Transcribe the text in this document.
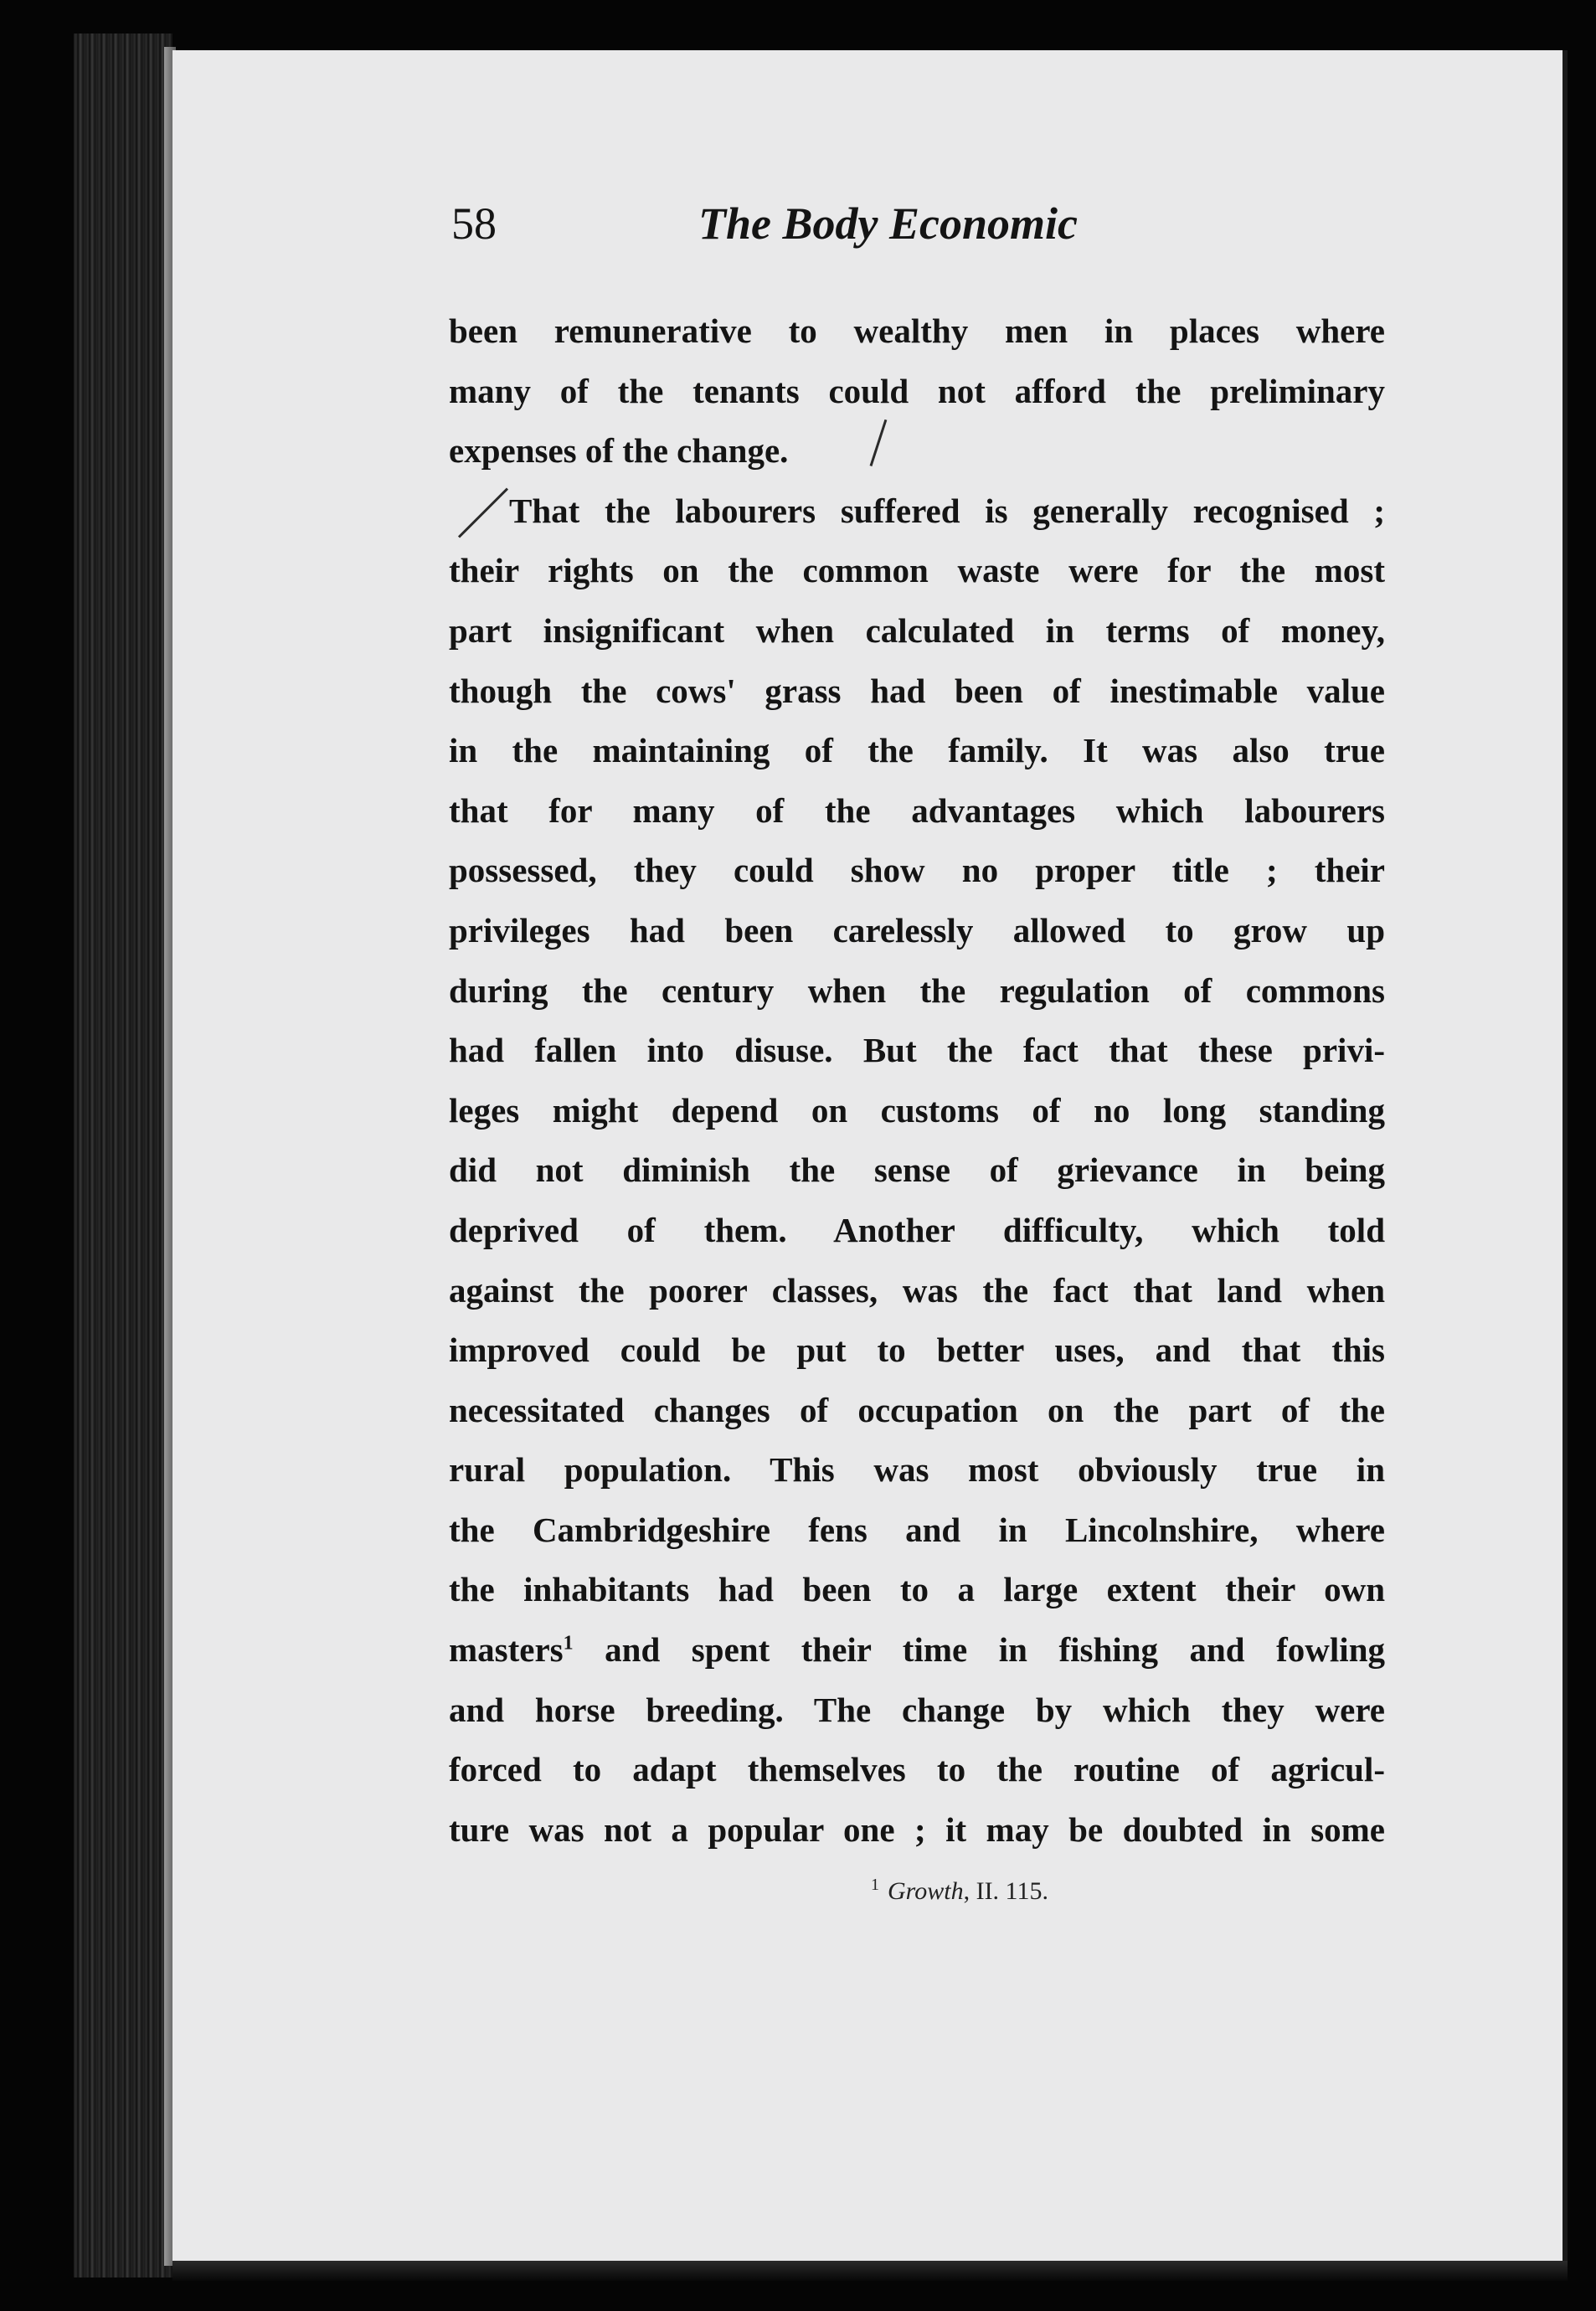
58	The Body Economic
been remunerative to wealthy men in places where
many of the tenants could not afford the preliminary
expenses of the change.
That the labourers suffered is generally recognised ;
their rights on the common waste were for the most
part insignificant when calculated in terms of money,
though the cows' grass had been of inestimable value
in the maintaining of the family. It was also true
that for many of the advantages which labourers
possessed, they could show no proper title ; their
privileges had been carelessly allowed to grow up
during the century when the regulation of commons
had fallen into disuse. But the fact that these privi-
leges might depend on customs of no long standing
did not diminish the sense of grievance in being
deprived of them. Another difficulty, which told
against the poorer classes, was the fact that land when
improved could be put to better uses, and that this
necessitated changes of occupation on the part of the
rural population. This was most obviously true in
the Cambridgeshire fens and in Lincolnshire, where
the inhabitants had been to a large extent their own
masters$^1$ and spent their time in fishing and fowling
and horse breeding. The change by which they were
forced to adapt themselves to the routine of agricul-
ture was not a popular one ; it may be doubted in some
$^1$ Growth, II. 115.
